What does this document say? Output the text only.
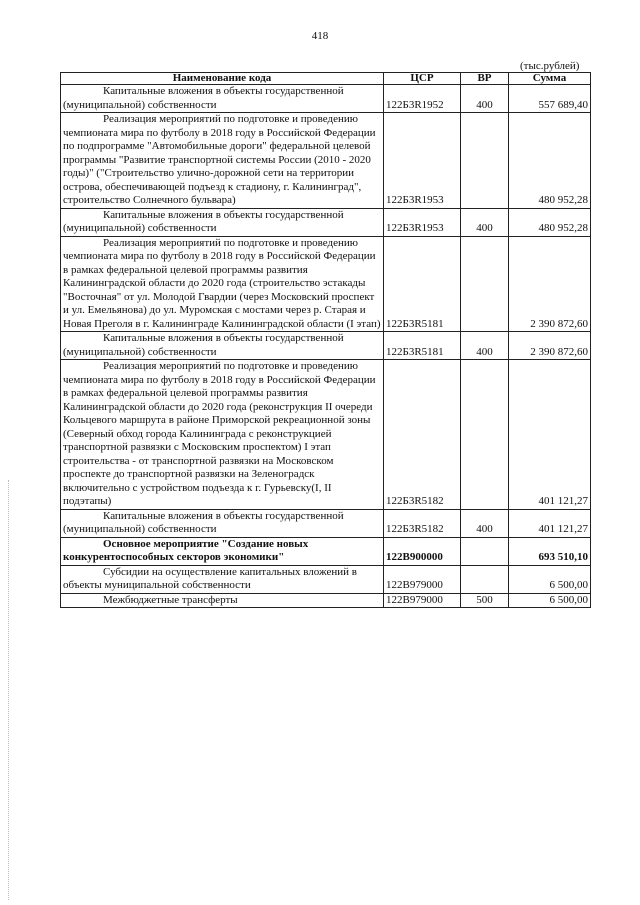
418
(тыс.рублей)
Наименование кода	ЦСР	ВР	Сумма
Капитальные вложения в объекты государственной (муниципальной) собственности	122Б3R1952	400	557 689,40
Реализация мероприятий по подготовке и проведению чемпионата мира по футболу в 2018 году в Российской Федерации по подпрограмме "Автомобильные дороги" федеральной целевой программы "Развитие транспортной системы России (2010 - 2020 годы)" ("Строительство улично-дорожной сети на территории острова, обеспечивающей подъезд к стадиону, г. Калининград", строительство Солнечного бульвара)	122Б3R1953		480 952,28
Капитальные вложения в объекты государственной (муниципальной) собственности	122Б3R1953	400	480 952,28
Реализация мероприятий по подготовке и проведению чемпионата мира по футболу в 2018 году в Российской Федерации в рамках федеральной целевой программы развития Калининградской области до 2020 года (строительство эстакады "Восточная" от ул. Молодой Гвардии (через Московский проспект и ул. Емельянова) до ул. Муромская с мостами через р. Старая и Новая Преголя в г. Калининграде Калининградской области (I этап)	122Б3R5181		2 390 872,60
Капитальные вложения в объекты государственной (муниципальной) собственности	122Б3R5181	400	2 390 872,60
Реализация мероприятий по подготовке и проведению чемпионата мира по футболу в 2018 году в Российской Федерации в рамках федеральной целевой программы развития Калининградской области до 2020 года (реконструкция II очереди Кольцевого маршрута в районе Приморской рекреационной зоны (Северный обход города Калининграда с реконструкцией транспортной развязки с Московским проспектом) I этап строительства - от транспортной развязки на Московском проспекте до транспортной развязки на Зеленоградск включительно с устройством подъезда к г. Гурьевску(I, II подэтапы)	122Б3R5182		401 121,27
Капитальные вложения в объекты государственной (муниципальной) собственности	122Б3R5182	400	401 121,27
Основное мероприятие "Создание новых конкурентоспособных секторов экономики"	122В900000		693 510,10
Субсидии на осуществление капитальных вложений в объекты муниципальной собственности	122В979000		6 500,00
Межбюджетные трансферты	122В979000	500	6 500,00
